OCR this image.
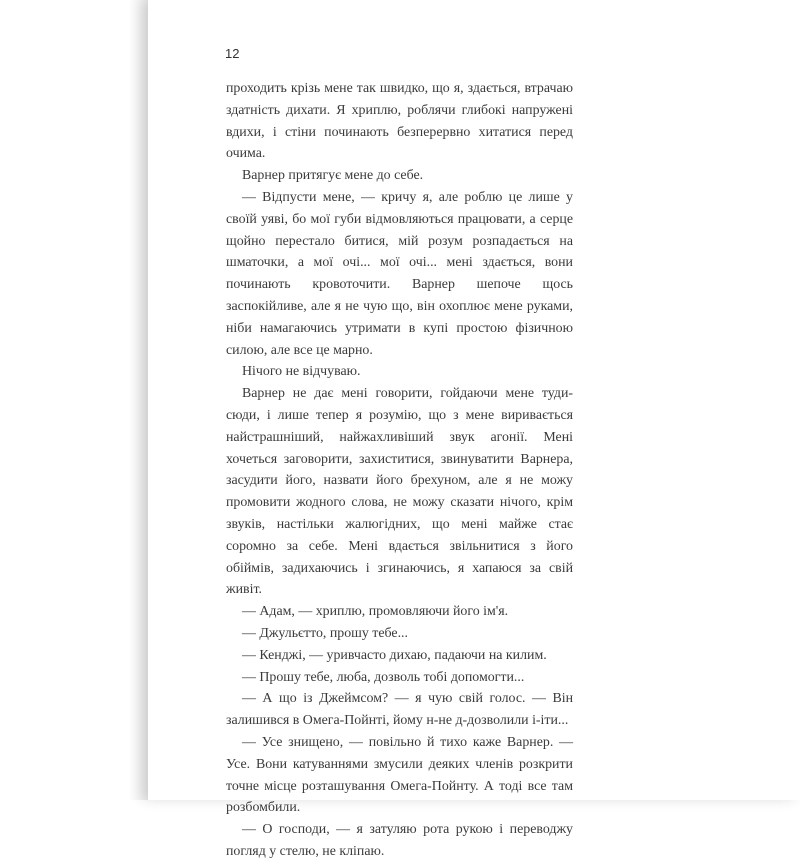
12

проходить крізь мене так швидко, що я, здається, втрачаю здатність дихати. Я хриплю, роблячи глибокі напружені вдихи, і стіни починають безперервно хитатися перед очима.

Варнер притягує мене до себе.

— Відпусти мене, — кричу я, але роблю це лише у своїй уяві, бо мої губи відмовляються працювати, а серце щойно перестало битися, мій розум розпадається на шматочки, а мої очі... мої очі... мені здається, вони починають кровоточити. Варнер шепоче щось заспокійливе, але я не чую що, він охоплює мене руками, ніби намагаючись утримати в купі простою фізичною силою, але все це марно.

Нічого не відчуваю.

Варнер не дає мені говорити, гойдаючи мене туди-сюди, і лише тепер я розумію, що з мене виривається найстрашніший, найжахливіший звук агонії. Мені хочеться заговорити, захиститися, звинуватити Варнера, засудити його, назвати його брехуном, але я не можу промовити жодного слова, не можу сказати нічого, крім звуків, настільки жалюгідних, що мені майже стає соромно за себе. Мені вдається звільнитися з його обіймів, задихаючись і згинаючись, я хапаюся за свій живіт.

— Адам, — хриплю, промовляючи його ім'я.

— Джульєтто, прошу тебе...

— Кенджі, — уривчасто дихаю, падаючи на килим.

— Прошу тебе, люба, дозволь тобі допомогти...

— А що із Джеймсом? — я чую свій голос. — Він залишився в Омега-Пойнті, йому н-не д-дозволили і-іти...

— Усе знищено, — повільно й тихо каже Варнер. — Усе. Вони катуваннями змусили деяких членів розкрити точне місце розташування Омега-Пойнту. А тоді все там розбомбили.

— О господи, — я затуляю рота рукою і переводжу погляд у стелю, не кліпаю.
